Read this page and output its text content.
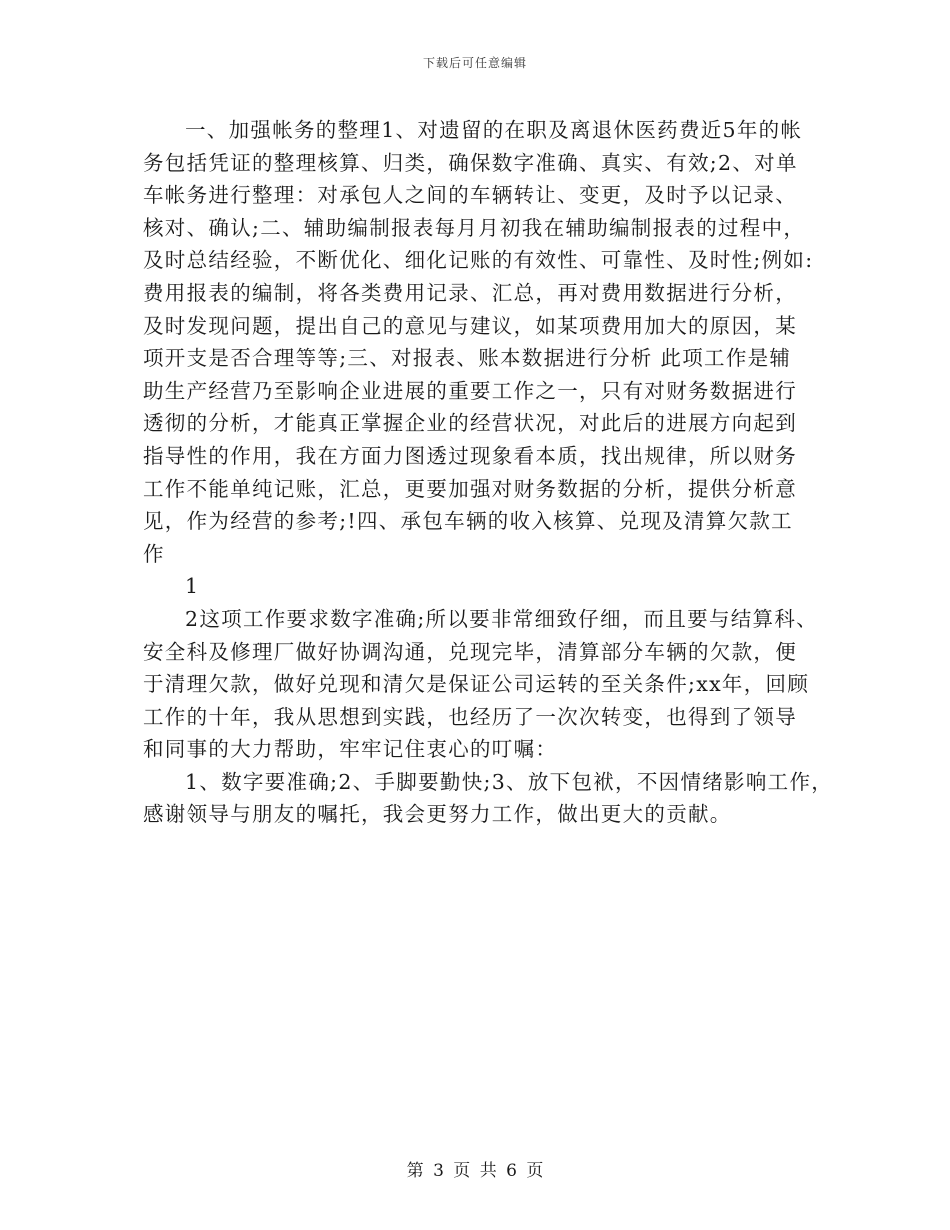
下载后可任意编辑
一、加强帐务的整理1、对遗留的在职及离退休医药费近5年的帐
务包括凭证的整理核算、归类，确保数字准确、真实、有效;2、对单
车帐务进行整理：对承包人之间的车辆转让、变更，及时予以记录、
核对、确认;二、辅助编制报表每月月初我在辅助编制报表的过程中，
及时总结经验，不断优化、细化记账的有效性、可靠性、及时性;例如:
费用报表的编制，将各类费用记录、汇总，再对费用数据进行分析，
及时发现问题，提出自己的意见与建议，如某项费用加大的原因，某
项开支是否合理等等;三、对报表、账本数据进行分析 此项工作是辅
助生产经营乃至影响企业进展的重要工作之一，只有对财务数据进行
透彻的分析，才能真正掌握企业的经营状况，对此后的进展方向起到
指导性的作用，我在方面力图透过现象看本质，找出规律，所以财务
工作不能单纯记账，汇总，更要加强对财务数据的分析，提供分析意
见，作为经营的参考;!四、承包车辆的收入核算、兑现及清算欠款工
作
1
2这项工作要求数字准确;所以要非常细致仔细，而且要与结算科、
安全科及修理厂做好协调沟通，兑现完毕，清算部分车辆的欠款，便
于清理欠款，做好兑现和清欠是保证公司运转的至关条件;xx年，回顾
工作的十年，我从思想到实践，也经历了一次次转变，也得到了领导
和同事的大力帮助，牢牢记住衷心的叮嘱：
1、数字要准确;2、手脚要勤快;3、放下包袱，不因情绪影响工作，
感谢领导与朋友的嘱托，我会更努力工作，做出更大的贡献。
第 3 页 共 6 页
